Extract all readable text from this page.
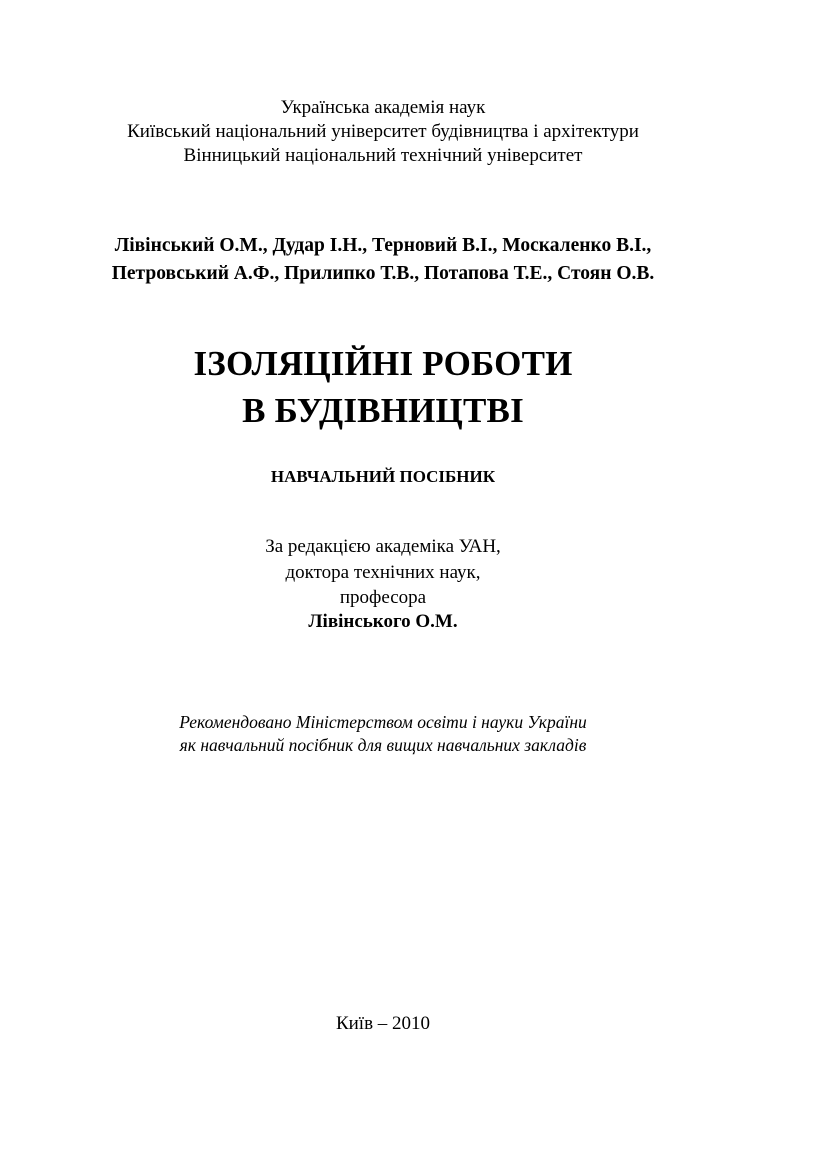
Українська академія наук
Київський національний університет будівництва і архітектури
Вінницький національний технічний університет
Лівінський О.М., Дудар І.Н., Терновий В.І., Москаленко В.І.,
Петровський А.Ф., Прилипко Т.В., Потапова Т.Е., Стоян О.В.
ІЗОЛЯЦІЙНІ РОБОТИ
В БУДІВНИЦТВІ
НАВЧАЛЬНИЙ ПОСІБНИК
За редакцією академіка УАН,
доктора технічних наук,
професора
Лівінського О.М.
Рекомендовано Міністерством освіти і науки України
як навчальний посібник для вищих навчальних закладів
Київ – 2010
